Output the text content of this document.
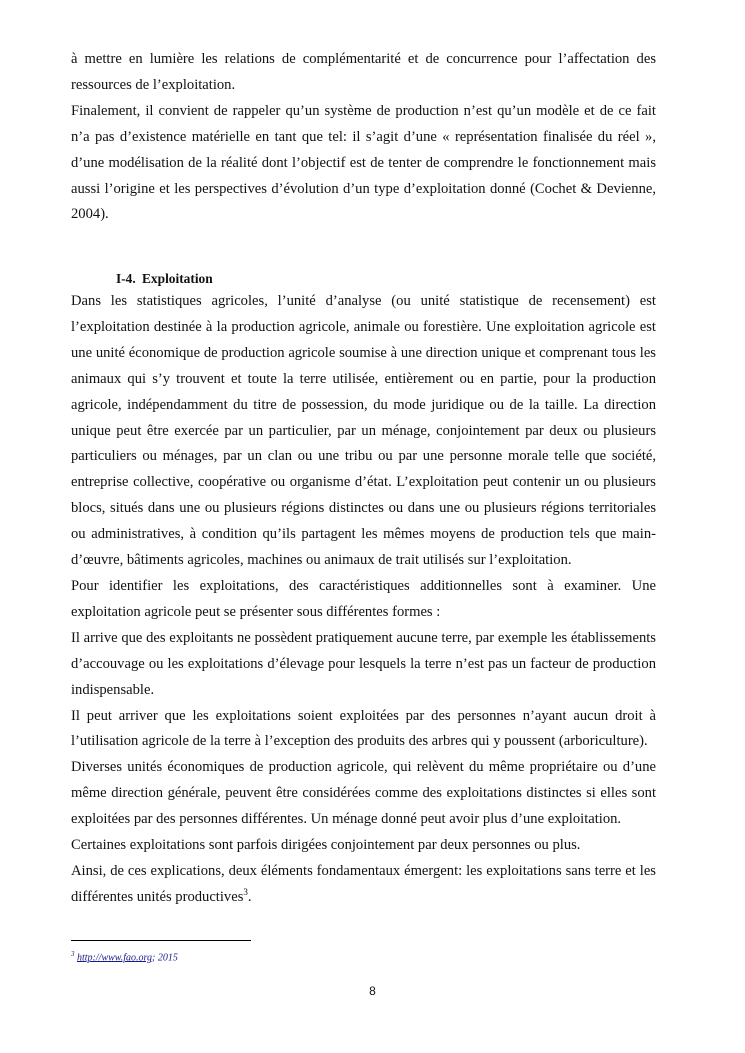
à mettre en lumière les relations de complémentarité et de concurrence pour l’affectation des ressources de l’exploitation.

Finalement, il convient de rappeler qu’un système de production n’est qu’un modèle et de ce fait n’a pas d’existence matérielle en tant que tel: il s’agit d’une « représentation finalisée du réel », d’une modélisation de la réalité dont l’objectif est de tenter de comprendre le fonctionnement mais aussi l’origine et les perspectives d’évolution d’un type d’exploitation donné (Cochet & Devienne, 2004).

I-4. Exploitation

Dans les statistiques agricoles, l’unité d’analyse (ou unité statistique de recensement) est l’exploitation destinée à la production agricole, animale ou forestière. Une exploitation agricole est une unité économique de production agricole soumise à une direction unique et comprenant tous les animaux qui s’y trouvent et toute la terre utilisée, entièrement ou en partie, pour la production agricole, indépendamment du titre de possession, du mode juridique ou de la taille. La direction unique peut être exercée par un particulier, par un ménage, conjointement par deux ou plusieurs particuliers ou ménages, par un clan ou une tribu ou par une personne morale telle que société, entreprise collective, coopérative ou organisme d’état. L’exploitation peut contenir un ou plusieurs blocs, situés dans une ou plusieurs régions distinctes ou dans une ou plusieurs régions territoriales ou administratives, à condition qu’ils partagent les mêmes moyens de production tels que main-d’œuvre, bâtiments agricoles, machines ou animaux de trait utilisés sur l’exploitation.

Pour identifier les exploitations, des caractéristiques additionnelles sont à examiner. Une exploitation agricole peut se présenter sous différentes formes :

Il arrive que des exploitants ne possèdent pratiquement aucune terre, par exemple les établissements d’accouvage ou les exploitations d’élevage pour lesquels la terre n’est pas un facteur de production indispensable.

Il peut arriver que les exploitations soient exploitées par des personnes n’ayant aucun droit à l’utilisation agricole de la terre à l’exception des produits des arbres qui y poussent (arboriculture).

Diverses unités économiques de production agricole, qui relèvent du même propriétaire ou d’une même direction générale, peuvent être considérées comme des exploitations distinctes si elles sont exploitées par des personnes différentes. Un ménage donné peut avoir plus d’une exploitation.

Certaines exploitations sont parfois dirigées conjointement par deux personnes ou plus.

Ainsi, de ces explications, deux éléments fondamentaux émergent: les exploitations sans terre et les différentes unités productives$^3$.

$^3$ http://www.fao.org; 2015
8
